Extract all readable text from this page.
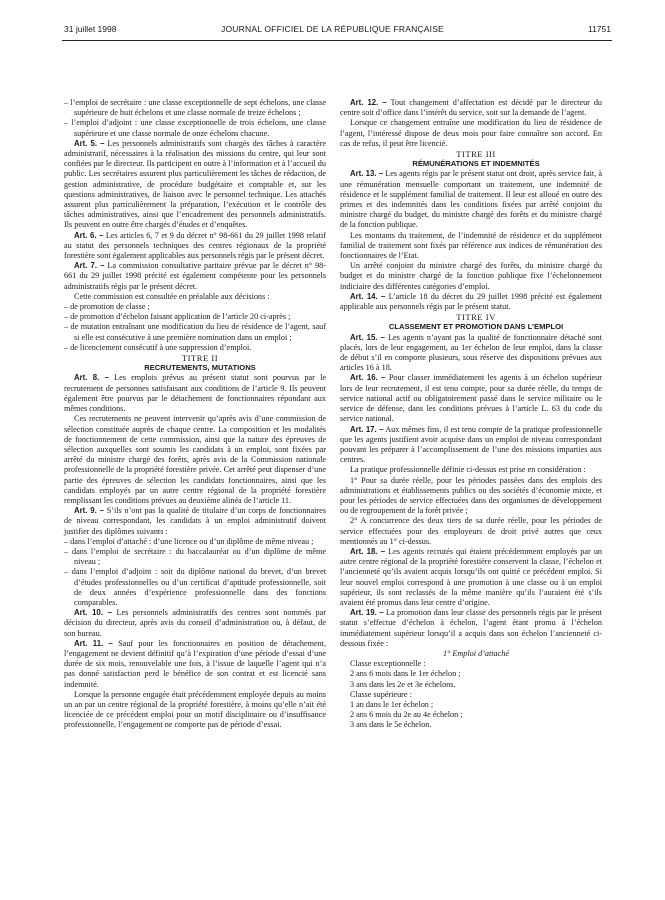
31 juillet 1998	JOURNAL OFFICIEL DE LA RÉPUBLIQUE FRANÇAISE	11751

– l’emploi de secrétaire : une classe exceptionnelle de sept échelons, une classe supérieure de huit échelons et une classe normale de treize échelons ;

– l’emploi d’adjoint : une classe exceptionnelle de trois échelons, une classe supérieure et une classe normale de onze échelons chacune.

Art. 5. – Les personnels administratifs sont chargés des tâches à caractère administratif, nécessaires à la réalisation des missions du centre, qui leur sont confiées par le directeur. Ils participent en outre à l’information et à l’accueil du public. Les secrétaires assurent plus particulièrement les tâches de rédaction, de gestion administrative, de procédure budgétaire et comptable et, sur les questions administratives, de liaison avec le personnel technique. Les attachés assurent plus particulièrement la préparation, l’exécution et le contrôle des tâches administratives, ainsi que l’encadrement des personnels administratifs. Ils peuvent en outre être chargés d’études et d’enquêtes.

Art. 6. – Les articles 6, 7 et 9 du décret n° 98-661 du 29 juillet 1998 relatif au statut des personnels techniques des centres régionaux de la propriété forestière sont également applicables aux personnels régis par le présent décret.

Art. 7. – La commission consultative paritaire prévue par le décret n° 98-661 du 29 juillet 1998 précité est également compétente pour les personnels administratifs régis par le présent décret.

Cette commission est consultée en préalable aux décisions :

– de promotion de classe ;

– de promotion d’échelon faisant application de l’article 20 ci-après ;

– de mutation entraînant une modification du lieu de résidence de l’agent, sauf si elle est consécutive à une première nomination dans un emploi ;

– de licenciement consécutif à une suppression d’emploi.

TITRE II

RECRUTEMENTS, MUTATIONS

Art. 8. – Les emplois prévus au présent statut sont pourvus par le recrutement de personnes satisfaisant aux conditions de l’article 9. Ils peuvent également être pourvus par le détachement de fonctionnaires répondant aux mêmes conditions.

Ces recrutements ne peuvent intervenir qu’après avis d’une commission de sélection constituée auprès de chaque centre. La composition et les modalités de fonctionnement de cette commission, ainsi que la nature des épreuves de sélection auxquelles sont soumis les candidats à un emploi, sont fixées par arrêté du ministre chargé des forêts, après avis de la Commission nationale professionnelle de la propriété forestière privée. Cet arrêté peut dispenser d’une partie des épreuves de sélection les candidats fonctionnaires, ainsi que les candidats employés par un autre centre régional de la propriété forestière remplissant les conditions prévues au deuxième alinéa de l’article 11.

Art. 9. – S’ils n’ont pas la qualité de titulaire d’un corps de fonctionnaires de niveau correspondant, les candidats à un emploi administratif doivent justifier des diplômes suivants :

– dans l’emploi d’attaché : d’une licence ou d’un diplôme de même niveau ;

– dans l’emploi de secrétaire : du baccalauréat ou d’un diplôme de même niveau ;

– dans l’emploi d’adjoint : soit du diplôme national du brevet, d’un brevet d’études professionnelles ou d’un certificat d’aptitude professionnelle, soit de deux années d’expérience professionnelle dans des fonctions comparables.

Art. 10. – Les personnels administratifs des centres sont nommés par décision du directeur, après avis du conseil d’administration ou, à défaut, de son bureau.

Art. 11. – Sauf pour les fonctionnaires en position de détachement, l’engagement ne devient définitif qu’à l’expiration d’une période d’essai d’une durée de six mois, renouvelable une fois, à l’issue de laquelle l’agent qui n’a pas donné satisfaction perd le bénéfice de son contrat et est licencié sans indemnité.

Lorsque la personne engagée était précédemment employée depuis au moins un an par un centre régional de la propriété forestière, à moins qu’elle n’ait été licenciée de ce précédent emploi pour un motif disciplinaire ou d’insuffisance professionnelle, l’engagement ne comporte pas de période d’essai.

Art. 12. – Tout changement d’affectation est décidé par le directeur du centre soit d’office dans l’intérêt du service, soit sur la demande de l’agent.

Lorsque ce changement entraîne une modification du lieu de résidence de l’agent, l’intéressé dispose de deux mois pour faire connaître son accord. En cas de refus, il peut être licencié.

TITRE III

RÉMUNÉRATIONS ET INDEMNITÉS

Art. 13. – Les agents régis par le présent statut ont droit, après service fait, à une rémunération mensuelle comportant un traitement, une indemnité de résidence et le supplément familial de traitement. Il leur est alloué en outre des primes et des indemnités dans les conditions fixées par arrêté conjoint du ministre chargé du budget, du ministre chargé des forêts et du ministre chargé de la fonction publique.

Les montants du traitement, de l’indemnité de résidence et du supplément familial de traitement sont fixés par référence aux indices de rémunération des fonctionnaires de l’Etat.

Un arrêté conjoint du ministre chargé des forêts, du ministre chargé du budget et du ministre chargé de la fonction publique fixe l’échelonnement indiciaire des différentes catégories d’emploi.

Art. 14. – L’article 18 du décret du 29 juillet 1998 précité est également applicable aux personnels régis par le présent statut.

TITRE IV

CLASSEMENT ET PROMOTION DANS L’EMPLOI

Art. 15. – Les agents n’ayant pas la qualité de fonctionnaire détaché sont placés, lors de leur engagement, au 1er échelon de leur emploi, dans la classe de début s’il en comporte plusieurs, sous réserve des dispositions prévues aux articles 16 à 18.

Art. 16. – Pour classer immédiatement les agents à un échelon supérieur lors de leur recrutement, il est tenu compte, pour sa durée réelle, du temps de service national actif ou obligatoirement passé dans le service militaire ou le service de défense, dans les conditions prévues à l’article L. 63 du code du service national.

Art. 17. – Aux mêmes fins, il est tenu compte de la pratique professionnelle que les agents justifient avoir acquise dans un emploi de niveau correspondant pouvant les préparer à l’accomplissement de l’une des missions imparties aux centres.

La pratique professionnelle définie ci-dessus est prise en considération :

1° Pour sa durée réelle, pour les périodes passées dans des emplois des administrations et établissements publics ou des sociétés d’économie mixte, et pour les périodes de service effectuées dans des organismes de développement ou de regroupement de la forêt privée ;

2° A concurrence des deux tiers de sa durée réelle, pour les périodes de service effectuées pour des employeurs de droit privé autres que ceux mentionnés au 1° ci-dessus.

Art. 18. – Les agents recrutés qui étaient précédemment employés par un autre centre régional de la propriété forestière conservent la classe, l’échelon et l’ancienneté qu’ils avaient acquis lorsqu’ils ont quitté ce précédent emploi. Si leur nouvel emploi correspond à une promotion à une classe ou à un emploi supérieur, ils sont reclassés de la même manière qu’ils l’auraient été s’ils avaient été promus dans leur centre d’origine.

Art. 19. – La promotion dans leur classe des personnels régis par le présent statut s’effectue d’échelon à échelon, l’agent étant promu à l’échelon immédiatement supérieur lorsqu’il a acquis dans son échelon l’ancienneté ci-dessous fixée :

1° Emploi d’attaché

Classe exceptionnelle :

2 ans 6 mois dans le 1er échelon ;

3 ans dans les 2e et 3e échelons.

Classe supérieure :

1 an dans le 1er échelon ;

2 ans 6 mois du 2e au 4e échelon ;

3 ans dans le 5e échelon.
